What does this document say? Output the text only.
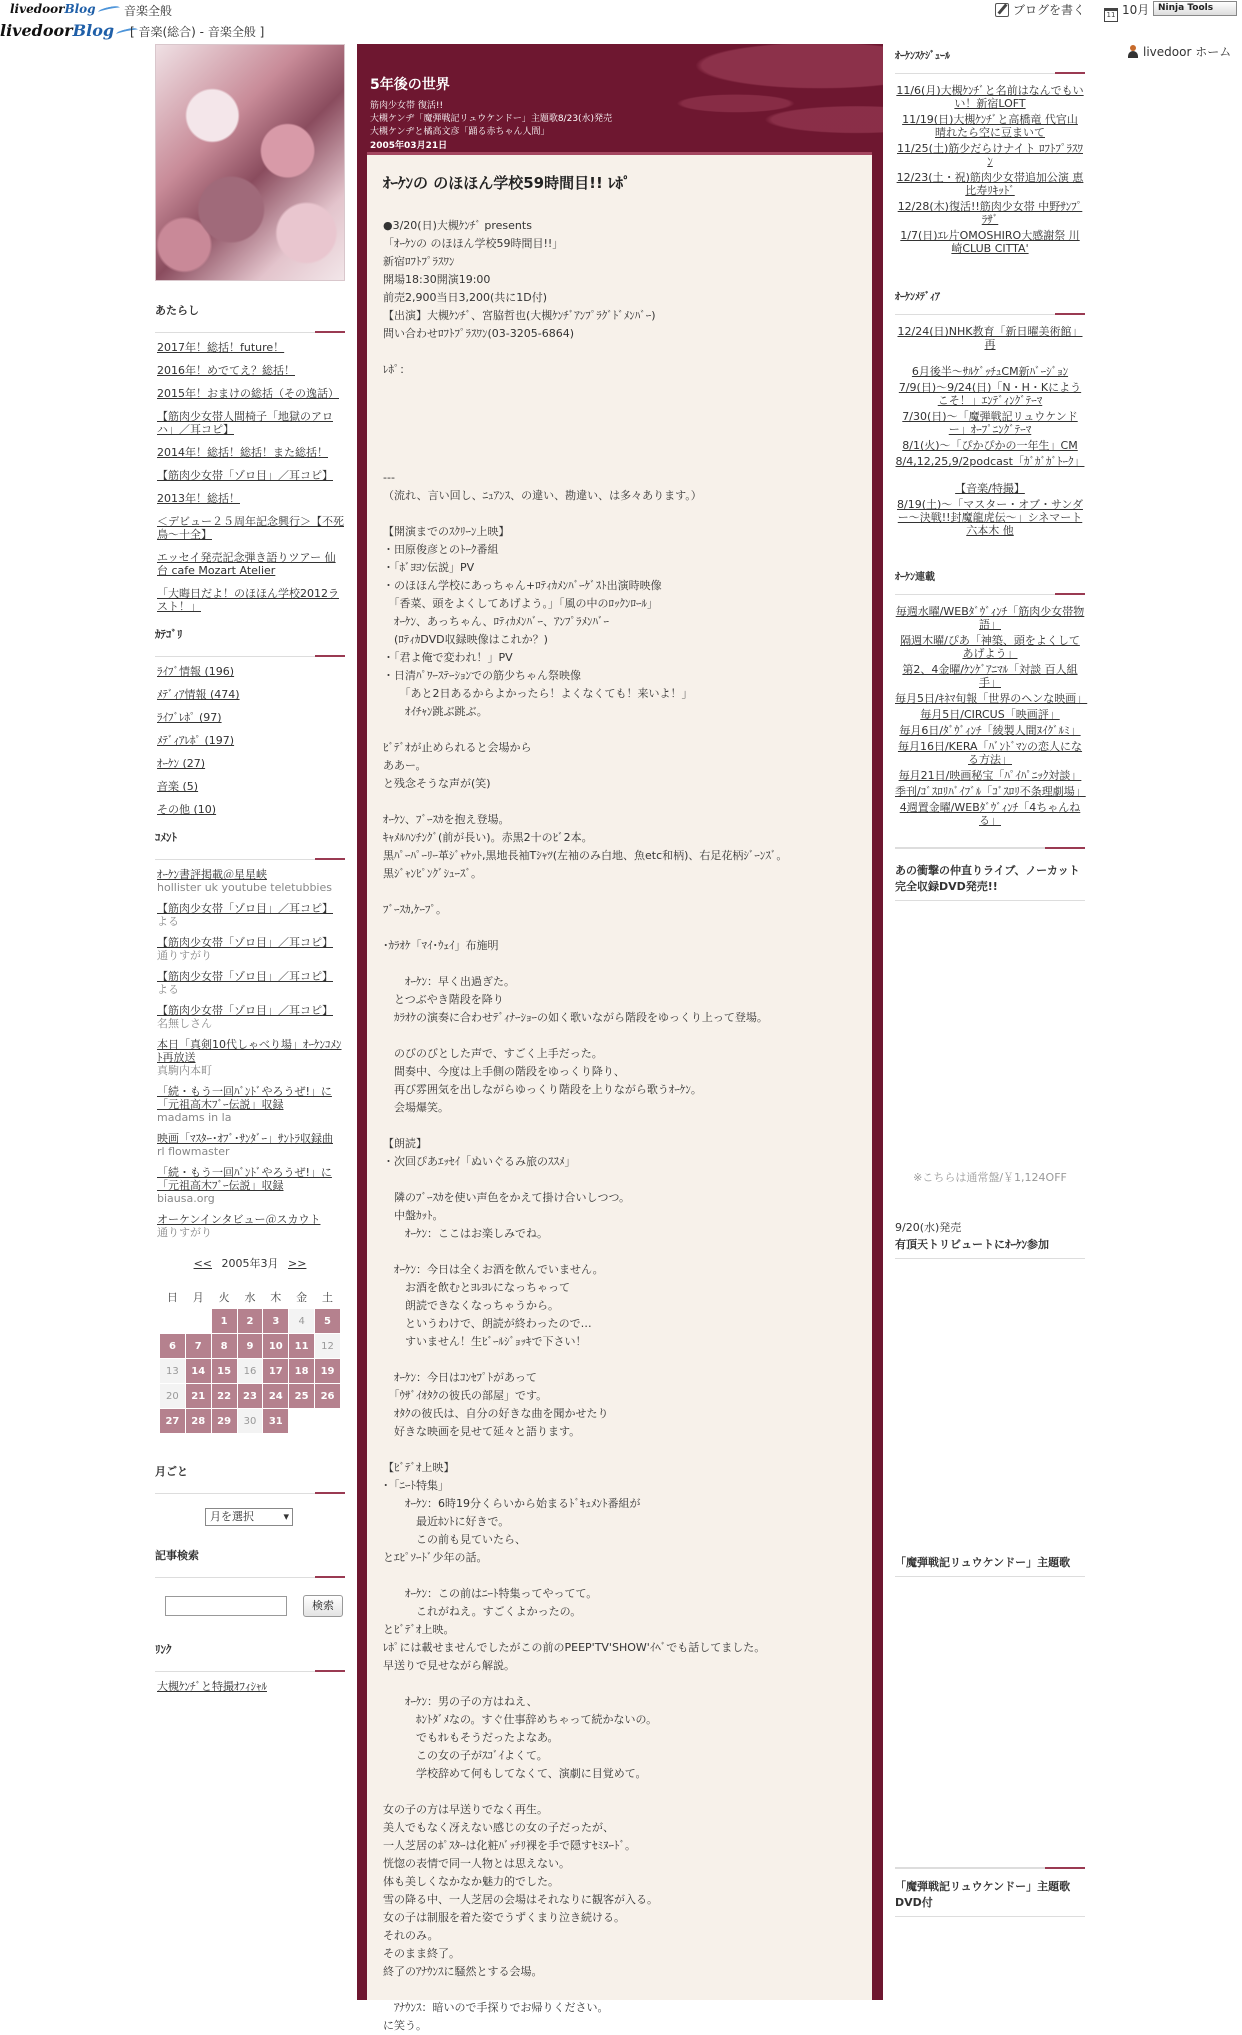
livedoorBlog	音楽全般	ブログを書く	11 10月 Ninja Tools
livedoorBlog	[ 音楽(総合) - 音楽全般 ]
livedoor ホーム
あたらし
2017年！総括！future！
2016年！めでてえ？総括！
2015年！おまけの総括（その逸話）
【筋肉少女帯人間椅子「地獄のアロハ」／耳コピ】
2014年！総括！総括！また総括！
【筋肉少女帯「ゾロ目」／耳コピ】
2013年！総括！
＜デビュー２５周年記念興行＞【不死鳥～十全】
エッセイ発売記念弾き語りツアー 仙台 cafe Mozart Atelier
「大晦日だよ！のほほん学校2012ラスト！」
ｶﾃｺﾞﾘ
ﾗｲﾌﾞ情報 (196)
ﾒﾃﾞｨｱ情報 (474)
ﾗｲﾌﾞﾚﾎﾟ (97)
ﾒﾃﾞｨｱﾚﾎﾟ (197)
ｵｰｹﾝ (27)
音楽 (5)
その他 (10)
ｺﾒﾝﾄ
ｵｰｹﾝ書評掲載＠星星峡
hollister uk youtube teletubbies
【筋肉少女帯「ゾロ目」／耳コピ】
よる
【筋肉少女帯「ゾロ目」／耳コピ】
通りすがり
【筋肉少女帯「ゾロ目」／耳コピ】
よる
【筋肉少女帯「ゾロ目」／耳コピ】
名無しさん
本日「真剣10代しゃべり場」ｵｰｹﾝｺﾒﾝﾄ再放送
真駒内本町
「続・もう一回ﾊﾞﾝﾄﾞやろうぜ!」に「元祖高木ﾌﾞｰ伝説」収録
madams in la
映画「ﾏｽﾀｰ･ｵﾌﾞ･ｻﾝﾀﾞｰ」ｻﾝﾄﾗ収録曲
rl flowmaster
「続・もう一回ﾊﾞﾝﾄﾞやろうぜ!」に「元祖高木ﾌﾞｰ伝説」収録
biausa.org
オーケンインタビュー＠スカウト
通りすがり
<< 2005年3月 >>
日	月	火	水	木	金	土
		1	2	3	4	5
6	7	8	9	10	11	12
13	14	15	16	17	18	19
20	21	22	23	24	25	26
27	28	29	30	31		
月ごと
月を選択 ▾
記事検索
検索
ﾘﾝｸ
大槻ｹﾝﾁﾞと特撮ｵﾌｨｼｬﾙ
5年後の世界
筋肉少女帯 復活!!
大槻ケンヂ「魔弾戦記リュウケンドー」主題歌8/23(水)発売
大槻ケンヂと橘高文彦「踊る赤ちゃん人間」
2005年03月21日
ｵｰｹﾝの のほほん学校59時間目!! ﾚﾎﾟ
●3/20(日)大槻ｹﾝﾁﾞ presents
「ｵｰｹﾝの のほほん学校59時間目!!」
新宿ﾛﾌﾄﾌﾟﾗｽﾜﾝ
開場18:30開演19:00
前売2,900当日3,200(共に1D付)
【出演】大槻ｹﾝﾁﾞ、宮脇哲也(大槻ｹﾝﾁﾞｱﾝﾌﾟﾗｸﾞﾄﾞﾒﾝﾊﾞｰ)
問い合わせﾛﾌﾄﾌﾟﾗｽﾜﾝ(03-3205-6864)

ﾚﾎﾟ：

---
（流れ、言い回し、ﾆｭｱﾝｽ、の違い、勘違い、は多々あります。）

【開演までのｽｸﾘｰﾝ上映】
・田原俊彦とのﾄｰｸ番組
・「ﾎﾞﾖﾖﾝ伝説」PV
・のほほん学校にあっちゃん+ﾛﾃｨｶﾒﾝﾊﾞｰｹﾞｽﾄ出演時映像
　「香菜、頭をよくしてあげよう。」「風の中のﾛｯｸﾝﾛｰﾙ」
　ｵｰｹﾝ、あっちゃん、ﾛﾃｨｶﾒﾝﾊﾞｰ、ｱﾝﾌﾟﾗﾒﾝﾊﾞｰ
　(ﾛﾃｨｶDVD収録映像はこれか？)
・「君よ俺で変われ！」PV
・日清ﾊﾟﾜｰｽﾃｰｼｮﾝでの筋少ちゃん祭映像
　　「あと2日あるからよかったら！よくなくても！来いよ！」
　　ｵｲﾁｬﾝ跳ぶ跳ぶ。

ﾋﾞﾃﾞｵが止められると会場から
ああー。
と残念そうな声が(笑)

ｵｰｹﾝ、ﾌﾞｰｽｶを抱え登場。
ｷｬﾒﾙﾊﾝﾁﾝｸﾞ(前が長い)。赤黒2十のﾋﾞ2本。
黒ﾊﾟｰﾊﾟｰﾘｰ革ｼﾞｬｹｯﾄ,黒地長袖Tｼｬﾂ(左袖のみ白地、魚etc和柄)、右足花柄ｼﾞｰﾝｽﾞ。
黒ｼﾞｬﾝﾋﾟﾝｸﾞｼｭｰｽﾞ。

ﾌﾞｰｽｶ,ｹｰﾌﾟ。

･ｶﾗｵｹ「ﾏｲ･ｳｪｲ」布施明

　　ｵｰｹﾝ：早く出過ぎた。
　とつぶやき階段を降り
　ｶﾗｵｹの演奏に合わせﾃﾞｨﾅｰｼｮｰの如く歌いながら階段をゆっくり上って登場。

　のびのびとした声で、すごく上手だった。
　間奏中、今度は上手側の階段をゆっくり降り、
　再び雰囲気を出しながらゆっくり階段を上りながら歌うｵｰｹﾝ。
　会場爆笑。

【朗読】
・次回ぴあｴｯｾｲ「ぬいぐるみ旅のｽｽﾒ」

　隣のﾌﾞｰｽｶを使い声色をかえて掛け合いしつつ。
　中盤ｶｯﾄ。
　　ｵｰｹﾝ：ここはお楽しみでね。

　ｵｰｹﾝ：今日は全くお酒を飲んでいません。
　　お酒を飲むとﾖﾚﾖﾚになっちゃって
　　朗読できなくなっちゃうから。
　　というわけで、朗読が終わったので…
　　すいません！生ﾋﾞｰﾙｼﾞｮｯｷで下さい！

　ｵｰｹﾝ：今日はｺﾝｾﾌﾟﾄがあって
　「ｳｻﾞｲｵﾀｸの彼氏の部屋」です。
　ｵﾀｸの彼氏は、自分の好きな曲を聞かせたり
　好きな映画を見せて延々と語ります。

【ﾋﾞﾃﾞｵ上映】
･「ﾆｰﾄ特集」
　　ｵｰｹﾝ：6時19分くらいから始まるﾄﾞｷｭﾒﾝﾄ番組が
　　　最近ﾎﾝﾄに好きで。
　　　この前も見ていたら、
とｴﾋﾟｿｰﾄﾞ少年の話。

　　ｵｰｹﾝ：この前はﾆｰﾄ特集ってやってて。
　　　これがねえ。すごくよかったの。
とﾋﾞﾃﾞｵ上映。
ﾚﾎﾟには載せませんでしたがこの前のPEEP'TV'SHOW'ｲﾍﾞでも話してました。
早送りで見せながら解説。

　　ｵｰｹﾝ：男の子の方はねえ、
　　　ﾎﾝﾄﾀﾞﾒなの。すぐ仕事辞めちゃって続かないの。
　　　でもｵﾚもそうだったよなあ。
　　　この女の子がｽｺﾞｲよくて。
　　　学校辞めて何もしてなくて、演劇に目覚めて。

女の子の方は早送りでなく再生。
美人でもなく冴えない感じの女の子だったが、
一人芝居のﾎﾟｽﾀｰは化粧ﾊﾞｯﾁﾘ裸を手で隠すｾﾐﾇｰﾄﾞ。
恍惚の表情で同一人物とは思えない。
体も美しくなかなか魅力的でした。
雪の降る中、一人芝居の会場はそれなりに観客が入る。
女の子は制服を着た姿でうずくまり泣き続ける。
それのみ。
そのまま終了。
終了のｱﾅｳﾝｽに騒然とする会場。

　ｱﾅｳﾝｽ：暗いので手探りでお帰りください。
に笑う。
ｵｰｹﾝｽｹｼﾞｭｰﾙ
11/6(月)大槻ｹﾝﾁﾞと名前はなんでもいい！新宿LOFT
11/19(日)大槻ｹﾝﾁﾞと高橋竜 代官山 晴れたら空に豆まいて
11/25(土)筋少だらけナイト ﾛﾌﾄﾌﾟﾗｽﾜﾝ
12/23(土・祝)筋肉少女帯追加公演 恵比寿ﾘｷｯﾄﾞ
12/28(木)復活!!筋肉少女帯 中野ｻﾝﾌﾟﾗｻﾞ
1/7(日)ｴﾚ片OMOSHIRO大感謝祭 川崎CLUB CITTA'
ｵｰｹﾝﾒﾃﾞｨｱ
12/24(日)NHK教育「新日曜美術館」再
6月後半～ｻﾙｹﾞｯﾁｭCM新ﾊﾞｰｼﾞｮﾝ
7/9(日)～9/24(日)「N・H・Kにようこそ！」ｴﾝﾃﾞｨﾝｸﾞﾃｰﾏ
7/30(日)～「魔弾戦記リュウケンドー」ｵｰﾌﾟﾆﾝｸﾞﾃｰﾏ
8/1(火)～「ぴかぴかの一年生」CM
8/4,12,25,9/2podcast「ｶﾞｶﾞｶﾞﾄｰｸ」
【音楽/特撮】
8/19(土)～「マスター・オブ・サンダー～決戦!!封魔龍虎伝～」シネマート六本木 他
ｵｰｹﾝ連載
毎週水曜/WEBﾀﾞｳﾞｨﾝﾁ「筋肉少女帯物語」
隔週木曜/ぴあ「神築、頭をよくしてあげよう」
第2、4金曜/ｹﾝｹﾞｱﾆﾏﾙ「対談 百人組手」
毎月5日/ｷﾈﾏ旬報「世界のヘンな映画」
毎月5日/CIRCUS「映画評」
毎月6日/ﾀﾞｳﾞｨﾝﾁ「綾製人間ﾇｲｸﾞﾙﾐ」
毎月16日/KERA「ﾊﾞﾝﾄﾞﾏﾝの恋人になる方法」
毎月21日/映画秘宝「ﾊﾟｲﾊﾟﾆｯｸ対談」
季刊/ｺﾞｽﾛﾘﾊﾞｲﾌﾞﾙ「ｺﾞｽﾛﾘ不条理劇場」
4週置金曜/WEBﾀﾞｳﾞｨﾝﾁ「4ちゃんねる」
あの衝撃の仲直りライブ、ノーカット完全収録DVD発売!!
※こちらは通常盤/￥1,124OFF
9/20(水)発売
有頂天トリビュートにｵｰｹﾝ参加
「魔弾戦記リュウケンドー」主題歌
「魔弾戦記リュウケンドー」主題歌DVD付
